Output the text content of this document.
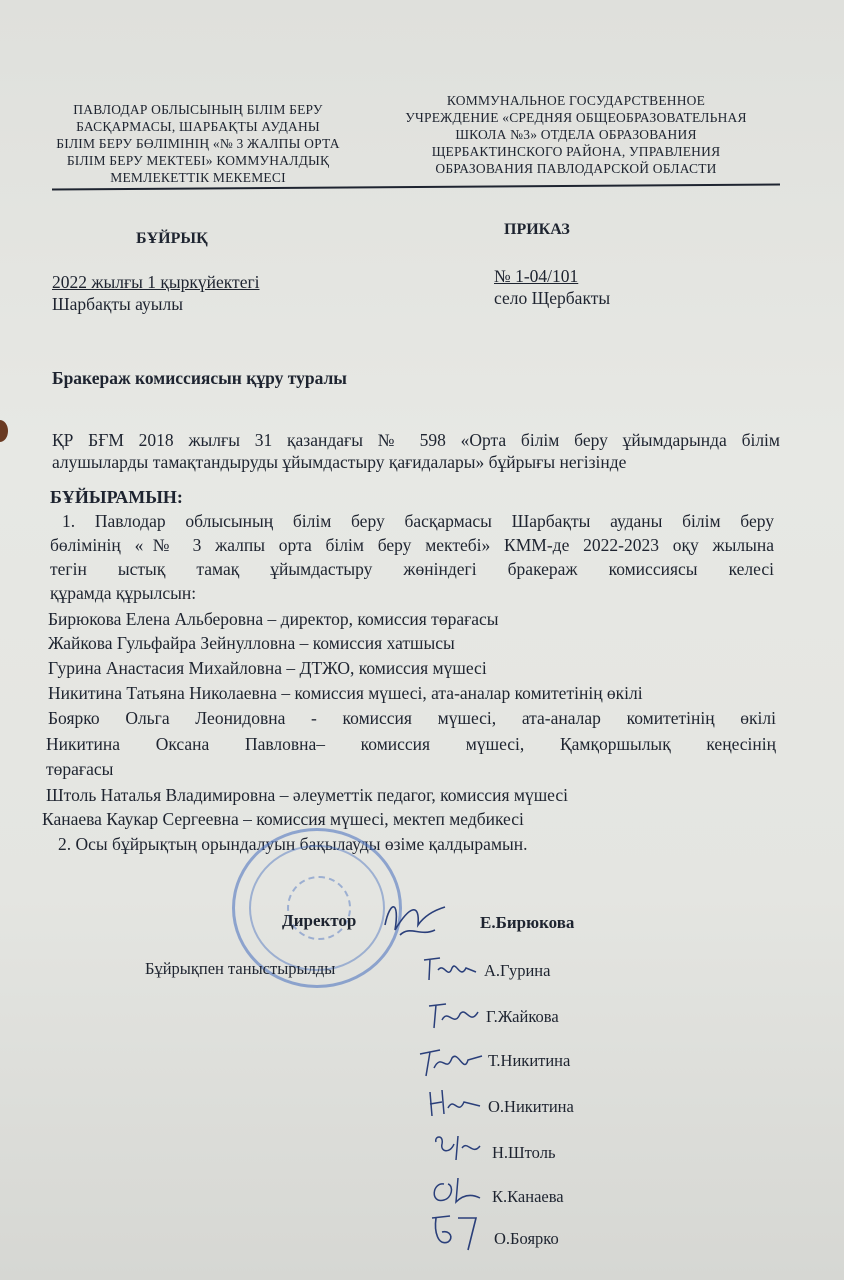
ПАВЛОДАР ОБЛЫСЫНЫҢ БІЛІМ БЕРУ
БАСҚАРМАСЫ, ШАРБАҚТЫ АУДАНЫ
БІЛІМ БЕРУ БӨЛІМІНІҢ «№ 3 ЖАЛПЫ ОРТА
БІЛІМ БЕРУ МЕКТЕБІ» КОММУНАЛДЫҚ
МЕМЛЕКЕТТІК МЕКЕМЕСІ
КОММУНАЛЬНОЕ ГОСУДАРСТВЕННОЕ
УЧРЕЖДЕНИЕ «СРЕДНЯЯ ОБЩЕОБРАЗОВАТЕЛЬНАЯ
ШКОЛА №3» ОТДЕЛА ОБРАЗОВАНИЯ
ЩЕРБАКТИНСКОГО РАЙОНА, УПРАВЛЕНИЯ
ОБРАЗОВАНИЯ ПАВЛОДАРСКОЙ ОБЛАСТИ
БҰЙРЫҚ
ПРИКАЗ
2022 жылғы 1 қыркүйектегі
Шарбақты ауылы
№ 1-04/101
село Щербакты
Бракераж комиссиясын құру туралы
ҚР БҒМ 2018 жылғы 31 қазандағы № 598 «Орта білім беру ұйымдарында білім
алушыларды тамақтандыруды ұйымдастыру қағидалары» бұйрығы негізінде
БҰЙЫРАМЫН:
1. Павлодар облысының білім беру басқармасы Шарбақты ауданы білім беру
бөлімінің «№ 3 жалпы орта білім беру мектебі» КММ-де 2022-2023 оқу жылына
тегін ыстық тамақ ұйымдастыру жөніндегі бракераж комиссиясы келесі
құрамда құрылсын:
Бирюкова Елена Альберовна – директор, комиссия төрағасы
Жайкова Гульфайра Зейнулловна – комиссия хатшысы
Гурина Анастасия Михайловна – ДТЖО, комиссия мүшесі
Никитина Татьяна Николаевна – комиссия мүшесі, ата-аналар комитетінің өкілі
Боярко Ольга Леонидовна - комиссия мүшесі, ата-аналар комитетінің өкілі
Никитина Оксана Павловна– комиссия мүшесі, Қамқоршылық кеңесінің
төрағасы
Штоль Наталья Владимировна – әлеуметтік педагог, комиссия мүшесі
Канаева Каукар Сергеевна – комиссия мүшесі, мектеп медбикесі
2. Осы бұйрықтың орындалуын бақылауды өзіме қалдырамын.
Директор	Е.Бирюкова
Бұйрықпен таныстырылды	А.Гурина
Г.Жайкова
Т.Никитина
О.Никитина
Н.Штоль
К.Канаева
О.Боярко
